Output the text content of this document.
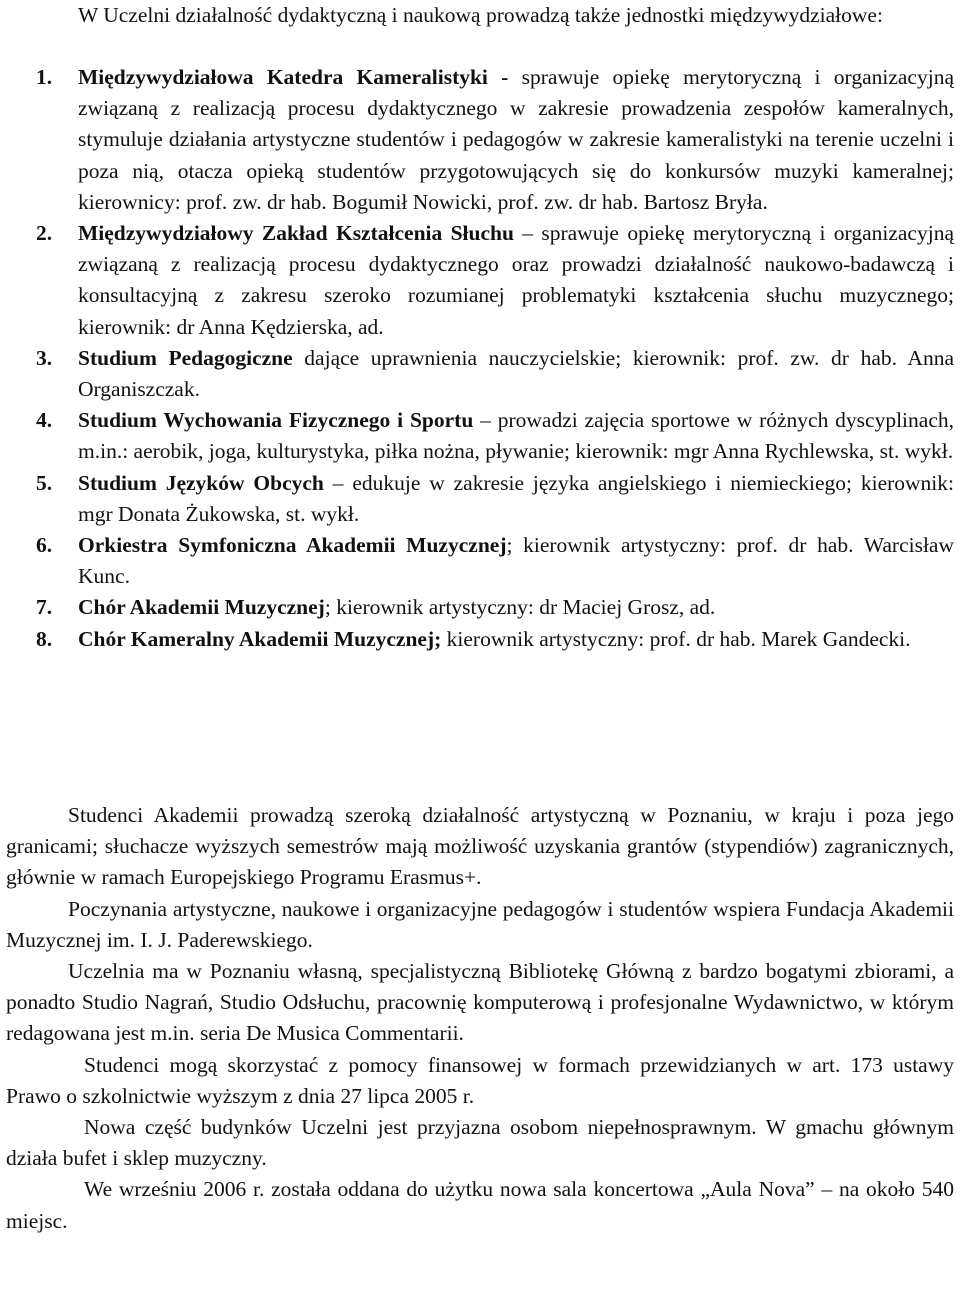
W Uczelni działalność dydaktyczną i naukową prowadzą także jednostki międzywydziałowe:

1. Międzywydziałowa Katedra Kameralistyki - sprawuje opiekę merytoryczną i organizacyjną związaną z realizacją procesu dydaktycznego w zakresie prowadzenia zespołów kameralnych, stymuluje działania artystyczne studentów i pedagogów w zakresie kameralistyki na terenie uczelni i poza nią, otacza opieką studentów przygotowujących się do konkursów muzyki kameralnej; kierownicy: prof. zw. dr hab. Bogumił Nowicki, prof. zw. dr hab. Bartosz Bryła.
2. Międzywydziałowy Zakład Kształcenia Słuchu – sprawuje opiekę merytoryczną i organizacyjną związaną z realizacją procesu dydaktycznego oraz prowadzi działalność naukowo-badawczą i konsultacyjną z zakresu szeroko rozumianej problematyki kształcenia słuchu muzycznego; kierownik: dr Anna Kędzierska, ad.
3. Studium Pedagogiczne dające uprawnienia nauczycielskie; kierownik: prof. zw. dr hab. Anna Organiszczak.
4. Studium Wychowania Fizycznego i Sportu – prowadzi zajęcia sportowe w różnych dyscyplinach, m.in.: aerobik, joga, kulturystyka, piłka nożna, pływanie; kierownik: mgr Anna Rychlewska, st. wykł.
5. Studium Języków Obcych – edukuje w zakresie języka angielskiego i niemieckiego; kierownik: mgr Donata Żukowska, st. wykł.
6. Orkiestra Symfoniczna Akademii Muzycznej; kierownik artystyczny: prof. dr hab. Warcisław Kunc.
7. Chór Akademii Muzycznej; kierownik artystyczny: dr Maciej Grosz, ad.
8. Chór Kameralny Akademii Muzycznej; kierownik artystyczny: prof. dr hab. Marek Gandecki.

Studenci Akademii prowadzą szeroką działalność artystyczną w Poznaniu, w kraju i poza jego granicami; słuchacze wyższych semestrów mają możliwość uzyskania grantów (stypendiów) zagranicznych, głównie w ramach Europejskiego Programu Erasmus+.

Poczynania artystyczne, naukowe i organizacyjne pedagogów i studentów wspiera Fundacja Akademii Muzycznej im. I. J. Paderewskiego.

Uczelnia ma w Poznaniu własną, specjalistyczną Bibliotekę Główną z bardzo bogatymi zbiorami, a ponadto Studio Nagrań, Studio Odsłuchu, pracownię komputerową i profesjonalne Wydawnictwo, w którym redagowana jest m.in. seria De Musica Commentarii.

Studenci mogą skorzystać z pomocy finansowej w formach przewidzianych w art. 173 ustawy Prawo o szkolnictwie wyższym z dnia 27 lipca 2005 r.

Nowa część budynków Uczelni jest przyjazna osobom niepełnosprawnym. W gmachu głównym działa bufet i sklep muzyczny.

We wrześniu 2006 r. została oddana do użytku nowa sala koncertowa „Aula Nova” – na około 540 miejsc.
